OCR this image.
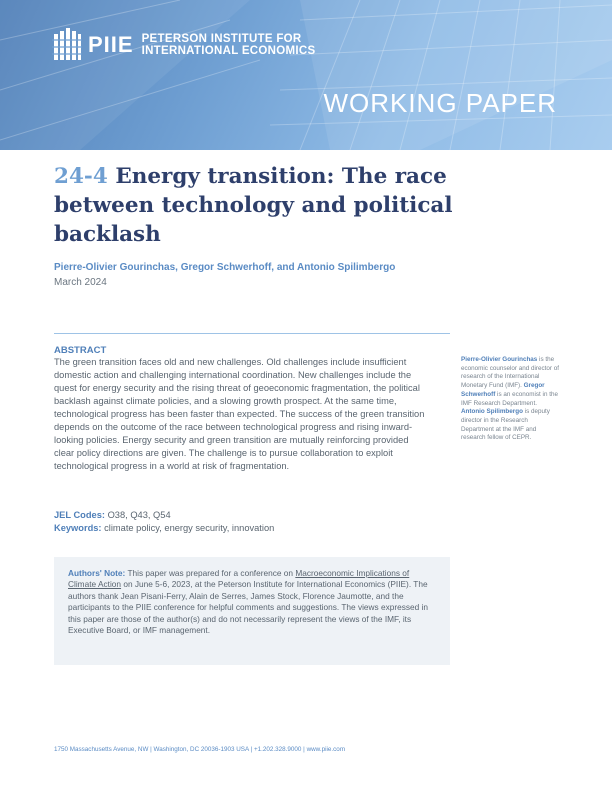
PIIE PETERSON INSTITUTE FOR
INTERNATIONAL ECONOMICS
WORKING PAPER
24-4 Energy transition: The race between technology and political backlash
Pierre-Olivier Gourinchas, Gregor Schwerhoff, and Antonio Spilimbergo
March 2024
ABSTRACT

The green transition faces old and new challenges. Old challenges include insufficient domestic action and challenging international coordination. New challenges include the quest for energy security and the rising threat of geoeconomic fragmentation, the political backlash against climate policies, and a slowing growth prospect. At the same time, technological progress has been faster than expected. The success of the green transition depends on the outcome of the race between technological progress and rising inward-looking policies. Energy security and green transition are mutually reinforcing provided clear policy directions are given. The challenge is to pursue collaboration to exploit technological progress in a world at risk of fragmentation.

Pierre-Olivier Gourinchas is the economic counselor and director of research of the International Monetary Fund (IMF). Gregor Schwerhoff is an economist in the IMF Research Department. Antonio Spilimbergo is deputy director in the Research Department at the IMF and research fellow of CEPR.
JEL Codes: O38, Q43, Q54
Keywords: climate policy, energy security, innovation
Authors' Note: This paper was prepared for a conference on Macroeconomic Implications of Climate Action on June 5-6, 2023, at the Peterson Institute for International Economics (PIIE). The authors thank Jean Pisani-Ferry, Alain de Serres, James Stock, Florence Jaumotte, and the participants to the PIIE conference for helpful comments and suggestions. The views expressed in this paper are those of the author(s) and do not necessarily represent the views of the IMF, its Executive Board, or IMF management.
1750 Massachusetts Avenue, NW | Washington, DC 20036-1903 USA | +1.202.328.9000 | www.piie.com
